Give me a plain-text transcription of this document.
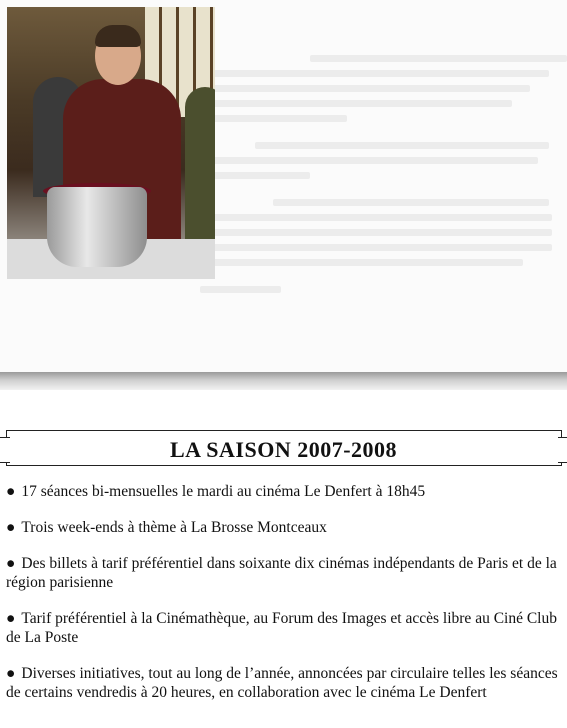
LA SAISON 2007-2008
● 17 séances bi-mensuelles le mardi au cinéma Le Denfert à 18h45
● Trois week-ends à thème à La Brosse Montceaux
● Des billets à tarif préférentiel dans soixante dix cinémas indépendants de Paris et de la région parisienne
● Tarif préférentiel à la Cinémathèque, au Forum des Images et accès libre au Ciné Club de La Poste
● Diverses initiatives, tout au long de l’année, annoncées par circulaire telles les séances de certains vendredis à 20 heures, en collaboration avec le cinéma Le Denfert
